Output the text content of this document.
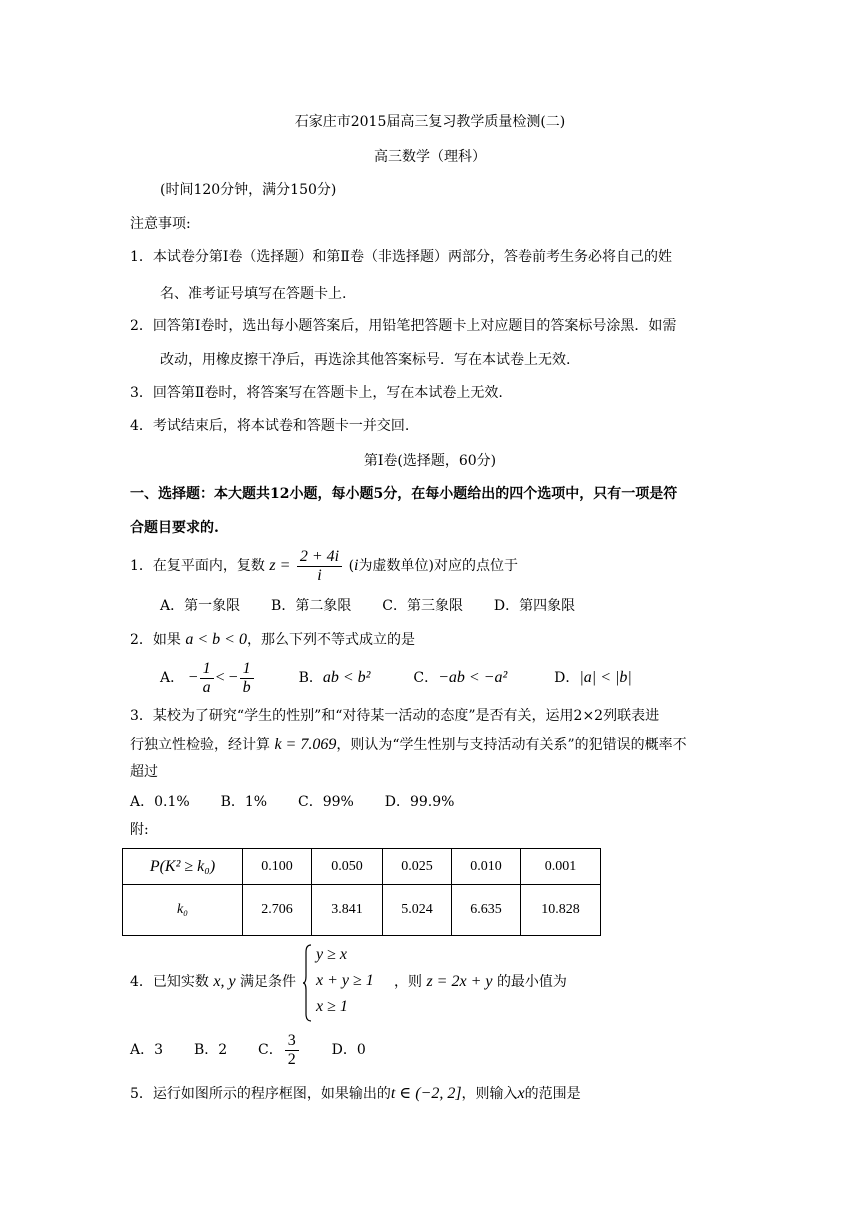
石家庄市2015届高三复习教学质量检测(二)
高三数学（理科）
(时间120分钟，满分150分)
注意事项:
1．本试卷分第Ⅰ卷（选择题）和第Ⅱ卷（非选择题）两部分，答卷前考生务必将自己的姓
名、准考证号填写在答题卡上.
2．回答第Ⅰ卷时，选出每小题答案后，用铅笔把答题卡上对应题目的答案标号涂黑．如需
改动，用橡皮擦干净后，再选涂其他答案标号．写在本试卷上无效.
3．回答第Ⅱ卷时，将答案写在答题卡上，写在本试卷上无效.
4．考试结束后，将本试卷和答题卡一并交回.
第Ⅰ卷(选择题，60分)
一、选择题：本大题共12小题，每小题5分，在每小题给出的四个选项中，只有一项是符
合题目要求的.
1．在复平面内，复数 $z = \frac{2 + 4i}{i} (i$为虚数单位)对应的点位于
A．第一象限 B．第二象限 C．第三象限 D．第四象限
2．如果 a < b < 0，那么下列不等式成立的是
A． − $\frac{1}{a}$ < − $\frac{1}{b}$	B．ab < b²	C．−ab < −a²	D．|a| < |b|
3．某校为了研究“学生的性别”和“对待某一活动的态度”是否有关，运用2×2列联表进
行独立性检验，经计算 k = 7.069，则认为“学生性别与支持活动有关系”的犯错误的概率不
超过
A．0.1% B．1% C．99% D．99.9%
附:
P(K² ≥ k₀)	0.100	0.050	0.025	0.010	0.001
k₀	2.706	3.841	5.024	6.635	10.828
4．已知实数 x, y 满足条件
y ≥ x
x + y ≥ 1
x ≥ 1
，则 z = 2x + y 的最小值为
A．3 B．2 C． $\frac{3}{2}$ D．0
5．运行如图所示的程序框图，如果输出的t ∈ (−2, 2]，则输入x的范围是
